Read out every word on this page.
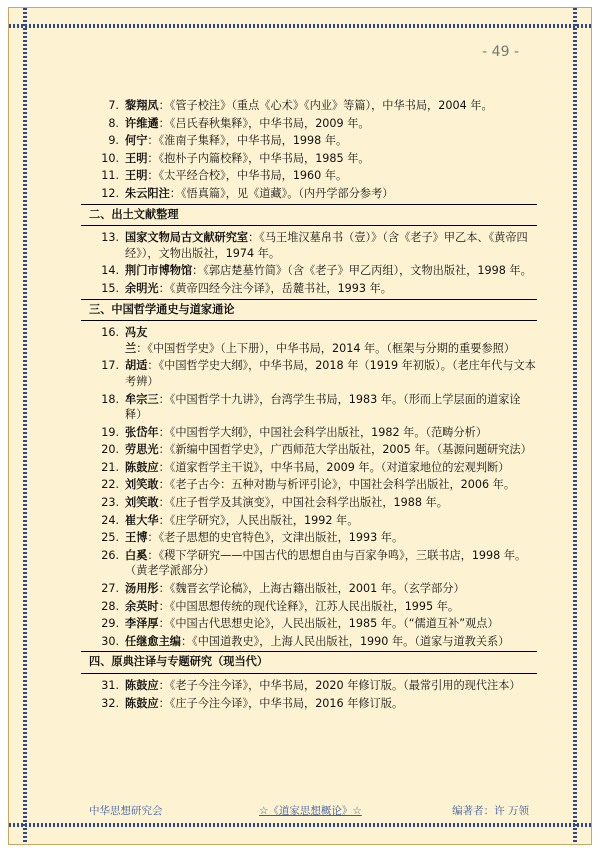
- 49 -
7. 黎翔凤：《管子校注》（重点《心术》《内业》等篇），中华书局，2004 年。
8. 许维遹：《吕氏春秋集释》，中华书局，2009 年。
9. 何宁：《淮南子集释》，中华书局，1998 年。
10. 王明：《抱朴子内篇校释》，中华书局，1985 年。
11. 王明：《太平经合校》，中华书局，1960 年。
12. 朱云阳注：《悟真篇》，见《道藏》。（内丹学部分参考）
二、出土文献整理
13. 国家文物局古文献研究室：《马王堆汉墓帛书（壹）》（含《老子》甲乙本、《黄帝四经》），文物出版社，1974 年。
14. 荆门市博物馆：《郭店楚墓竹简》（含《老子》甲乙丙组），文物出版社，1998 年。
15. 余明光：《黄帝四经今注今译》，岳麓书社，1993 年。
三、中国哲学通史与道家通论
16. 冯友兰：《中国哲学史》（上下册），中华书局，2014 年。（框架与分期的重要参照）
17. 胡适：《中国哲学史大纲》，中华书局，2018 年（1919 年初版）。（老庄年代与文本考辨）
18. 牟宗三：《中国哲学十九讲》，台湾学生书局，1983 年。（形而上学层面的道家诠释）
19. 张岱年：《中国哲学大纲》，中国社会科学出版社，1982 年。（范畴分析）
20. 劳思光：《新编中国哲学史》，广西师范大学出版社，2005 年。（基源问题研究法）
21. 陈鼓应：《道家哲学主干说》，中华书局，2009 年。（对道家地位的宏观判断）
22. 刘笑敢：《老子古今：五种对勘与析评引论》，中国社会科学出版社，2006 年。
23. 刘笑敢：《庄子哲学及其演变》，中国社会科学出版社，1988 年。
24. 崔大华：《庄学研究》，人民出版社，1992 年。
25. 王博：《老子思想的史官特色》，文津出版社，1993 年。
26. 白奚：《稷下学研究——中国古代的思想自由与百家争鸣》，三联书店，1998 年。（黄老学派部分）
27. 汤用彤：《魏晋玄学论稿》，上海古籍出版社，2001 年。（玄学部分）
28. 余英时：《中国思想传统的现代诠释》，江苏人民出版社，1995 年。
29. 李泽厚：《中国古代思想史论》，人民出版社，1985 年。（“儒道互补”观点）
30. 任继愈主编：《中国道教史》，上海人民出版社，1990 年。（道家与道教关系）
四、原典注译与专题研究（现当代）
31. 陈鼓应：《老子今注今译》，中华书局，2020 年修订版。（最常引用的现代注本）
32. 陈鼓应：《庄子今注今译》，中华书局，2016 年修订版。
中华思想研究会	☆《道家思想概论》☆	编著者：许 万领
